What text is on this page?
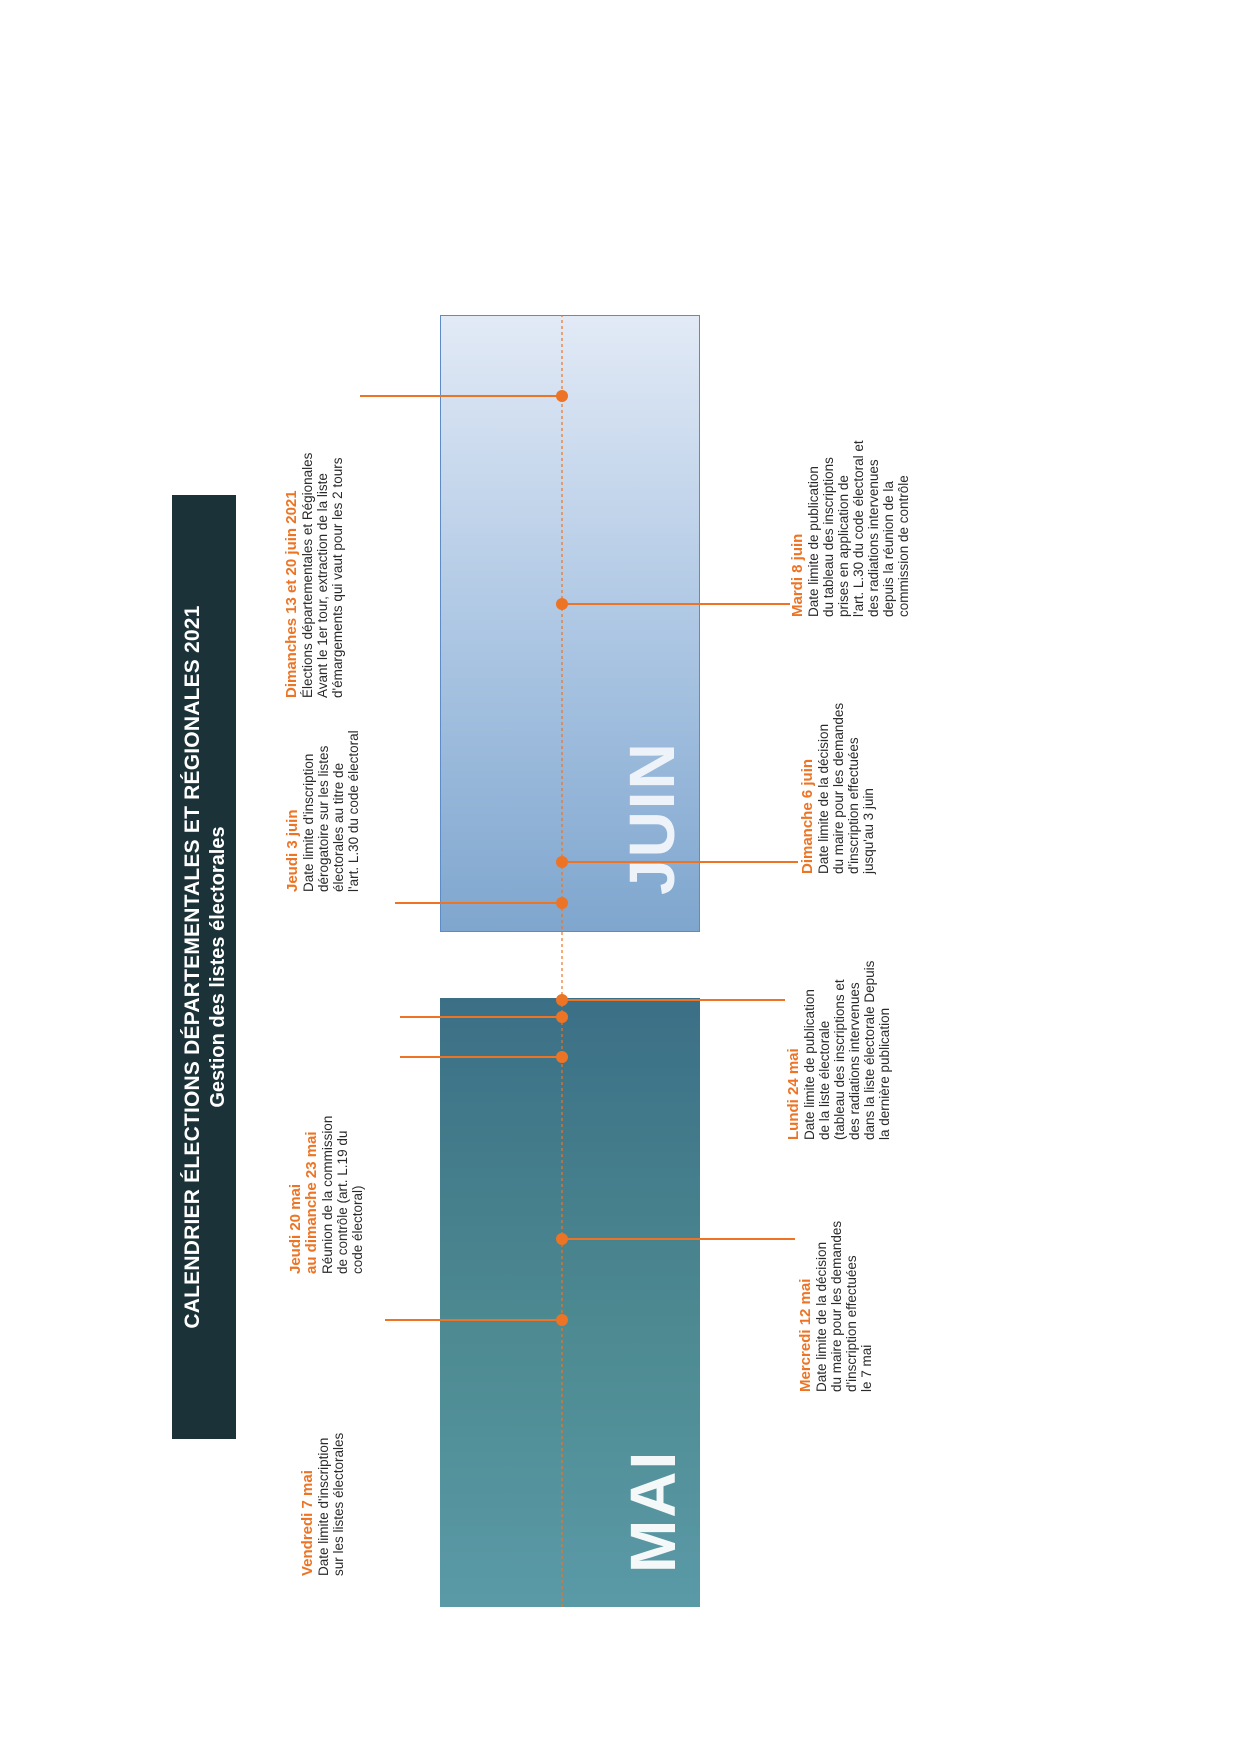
CALENDRIER ÉLECTIONS DÉPARTEMENTALES ET RÉGIONALES 2021 Gestion des listes électorales
MAI
JUIN
Vendredi 7 mai Date limite d'inscription
sur les listes électorales
Jeudi 20 mai
au dimanche 23 mai
Réunion de la commission
de contrôle (art. L.19 du
code électoral)
Jeudi 3 juin Date limite d'inscription
dérogatoire sur les listes
électorales au titre de
l'art. L.30 du code électoral
Dimanches 13 et 20 juin 2021 Élections départementales et Régionales
Avant le 1er tour, extraction de la liste
d'émargements qui vaut pour les 2 tours
Mercredi 12 mai Date limite de la décision
du maire pour les demandes
d'inscription effectuées
le 7 mai
Lundi 24 mai Date limite de publication
de la liste électorale
(tableau des inscriptions et
des radiations intervenues
dans la liste électorale Depuis
la dernière publication
Dimanche 6 juin Date limite de la décision
du maire pour les demandes
d'inscription effectuées
jusqu'au 3 juin
Mardi 8 juin Date limite de publication
du tableau des inscriptions
prises en application de
l'art. L.30 du code électoral et
des radiations intervenues
depuis la réunion de la
commission de contrôle
